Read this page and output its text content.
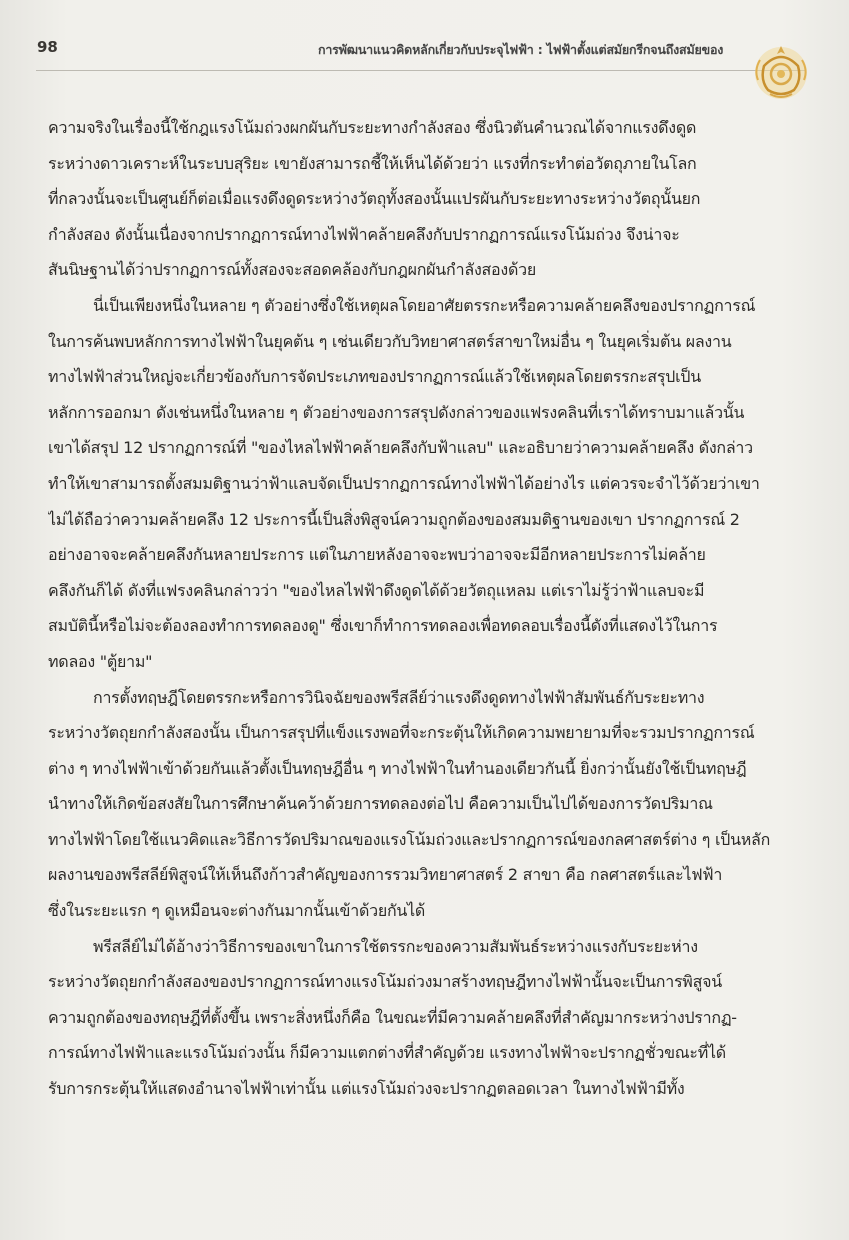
98	การพัฒนาแนวคิดหลักเกี่ยวกับประจุไฟฟ้า : ไฟฟ้าตั้งแต่สมัยกรีกจนถึงสมัยของ
ความจริงในเรื่องนี้ใช้กฎแรงโน้มถ่วงผกผันกับระยะทางกำลังสอง ซึ่งนิวตันคำนวณได้จากแรงดึงดูด
ระหว่างดาวเคราะห์ในระบบสุริยะ เขายังสามารถชี้ให้เห็นได้ด้วยว่า แรงที่กระทำต่อวัตถุภายในโลก
ที่กลวงนั้นจะเป็นศูนย์ก็ต่อเมื่อแรงดึงดูดระหว่างวัตถุทั้งสองนั้นแปรผันกับระยะทางระหว่างวัตถุนั้นยก
กำลังสอง ดังนั้นเนื่องจากปรากฏการณ์ทางไฟฟ้าคล้ายคลึงกับปรากฏการณ์แรงโน้มถ่วง จึงน่าจะ
สันนิษฐานได้ว่าปรากฏการณ์ทั้งสองจะสอดคล้องกับกฎผกผันกำลังสองด้วย
นี่เป็นเพียงหนึ่งในหลาย ๆ ตัวอย่างซึ่งใช้เหตุผลโดยอาศัยตรรกะหรือความคล้ายคลึงของปรากฏการณ์
ในการค้นพบหลักการทางไฟฟ้าในยุคต้น ๆ เช่นเดียวกับวิทยาศาสตร์สาขาใหม่อื่น ๆ ในยุคเริ่มต้น ผลงาน
ทางไฟฟ้าส่วนใหญ่จะเกี่ยวข้องกับการจัดประเภทของปรากฏการณ์แล้วใช้เหตุผลโดยตรรกะสรุปเป็น
หลักการออกมา ดังเช่นหนึ่งในหลาย ๆ ตัวอย่างของการสรุปดังกล่าวของแฟรงคลินที่เราได้ทราบมาแล้วนั้น
เขาได้สรุป 12 ปรากฏการณ์ที่ "ของไหลไฟฟ้าคล้ายคลึงกับฟ้าแลบ" และอธิบายว่าความคล้ายคลึง ดังกล่าว
ทำให้เขาสามารถตั้งสมมติฐานว่าฟ้าแลบจัดเป็นปรากฏการณ์ทางไฟฟ้าได้อย่างไร แต่ควรจะจำไว้ด้วยว่าเขา
ไม่ได้ถือว่าความคล้ายคลึง 12 ประการนี้เป็นสิ่งพิสูจน์ความถูกต้องของสมมติฐานของเขา ปรากฏการณ์ 2
อย่างอาจจะคล้ายคลึงกันหลายประการ แต่ในภายหลังอาจจะพบว่าอาจจะมีอีกหลายประการไม่คล้าย
คลึงกันก็ได้ ดังที่แฟรงคลินกล่าวว่า "ของไหลไฟฟ้าดึงดูดได้ด้วยวัตถุแหลม แต่เราไม่รู้ว่าฟ้าแลบจะมี
สมบัตินี้หรือไม่จะต้องลองทำการทดลองดู" ซึ่งเขาก็ทำการทดลองเพื่อทดลอบเรื่องนี้ดังที่แสดงไว้ในการ
ทดลอง "ตู้ยาม"
การตั้งทฤษฎีโดยตรรกะหรือการวินิจฉัยของพรีสลีย์ว่าแรงดึงดูดทางไฟฟ้าสัมพันธ์กับระยะทาง
ระหว่างวัตถุยกกำลังสองนั้น เป็นการสรุปที่แข็งแรงพอที่จะกระตุ้นให้เกิดความพยายามที่จะรวมปรากฏการณ์
ต่าง ๆ ทางไฟฟ้าเข้าด้วยกันแล้วตั้งเป็นทฤษฎีอื่น ๆ ทางไฟฟ้าในทำนองเดียวกันนี้ ยิ่งกว่านั้นยังใช้เป็นทฤษฎี
นำทางให้เกิดข้อสงสัยในการศึกษาค้นคว้าด้วยการทดลองต่อไป คือความเป็นไปได้ของการวัดปริมาณ
ทางไฟฟ้าโดยใช้แนวคิดและวิธีการวัดปริมาณของแรงโน้มถ่วงและปรากฏการณ์ของกลศาสตร์ต่าง ๆ เป็นหลัก
ผลงานของพรีสลีย์พิสูจน์ให้เห็นถึงก้าวสำคัญของการรวมวิทยาศาสตร์ 2 สาขา คือ กลศาสตร์และไฟฟ้า
ซึ่งในระยะแรก ๆ ดูเหมือนจะต่างกันมากนั้นเข้าด้วยกันได้
พรีสลีย์ไม่ได้อ้างว่าวิธีการของเขาในการใช้ตรรกะของความสัมพันธ์ระหว่างแรงกับระยะห่าง
ระหว่างวัตถุยกกำลังสองของปรากฏการณ์ทางแรงโน้มถ่วงมาสร้างทฤษฎีทางไฟฟ้านั้นจะเป็นการพิสูจน์
ความถูกต้องของทฤษฎีที่ตั้งขึ้น เพราะสิ่งหนึ่งก็คือ ในขณะที่มีความคล้ายคลึงที่สำคัญมากระหว่างปรากฏ-
การณ์ทางไฟฟ้าและแรงโน้มถ่วงนั้น ก็มีความแตกต่างที่สำคัญด้วย แรงทางไฟฟ้าจะปรากฏชั่วขณะที่ได้
รับการกระตุ้นให้แสดงอำนาจไฟฟ้าเท่านั้น แต่แรงโน้มถ่วงจะปรากฏตลอดเวลา ในทางไฟฟ้ามีทั้ง
